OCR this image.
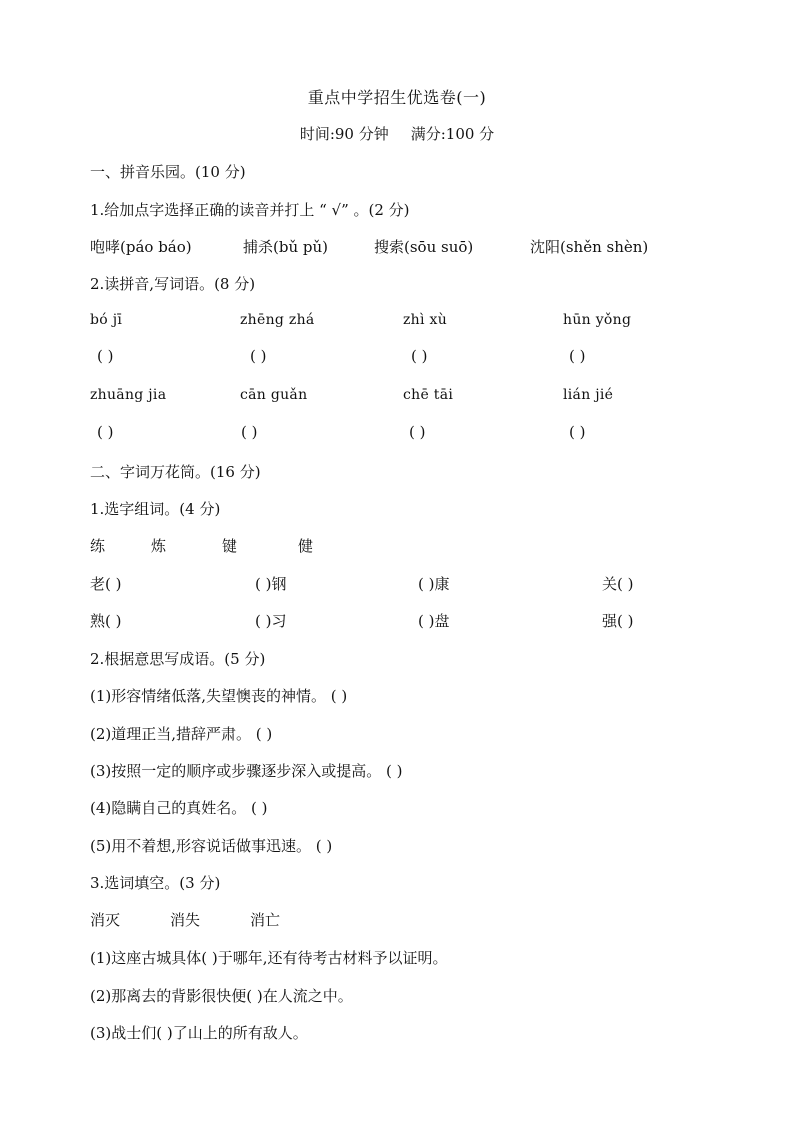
重点中学招生优选卷(一)
时间:90 分钟 满分:100 分
一、拼音乐园。(10 分)
1.给加点字选择正确的读音并打上 “ √” 。(2 分)
咆哮(páo báo)	捕杀(bǔ pǔ)	搜索(sōu suō)	沈阳(shěn shèn)
2.读拼音,写词语。(8 分)
bó jī	zhēng zhá	zhì xù	hūn yǒng
( )	( )	( )	( )
zhuāng jia	cān guǎn	chē tāi	lián jié
( )	( )	( )	( )
二、字词万花筒。(16 分)
1.选字组词。(4 分)
练	炼	键	健
老( )	( )钢	( )康	关( )
熟( )	( )习	( )盘	强( )
2.根据意思写成语。(5 分)
(1)形容情绪低落,失望懊丧的神情。 ( )
(2)道理正当,措辞严肃。 ( )
(3)按照一定的顺序或步骤逐步深入或提高。 ( )
(4)隐瞒自己的真姓名。 ( )
(5)用不着想,形容说话做事迅速。 ( )
3.选词填空。(3 分)
消灭	消失	消亡
(1)这座古城具体( )于哪年,还有待考古材料予以证明。
(2)那离去的背影很快便( )在人流之中。
(3)战士们( )了山上的所有敌人。
